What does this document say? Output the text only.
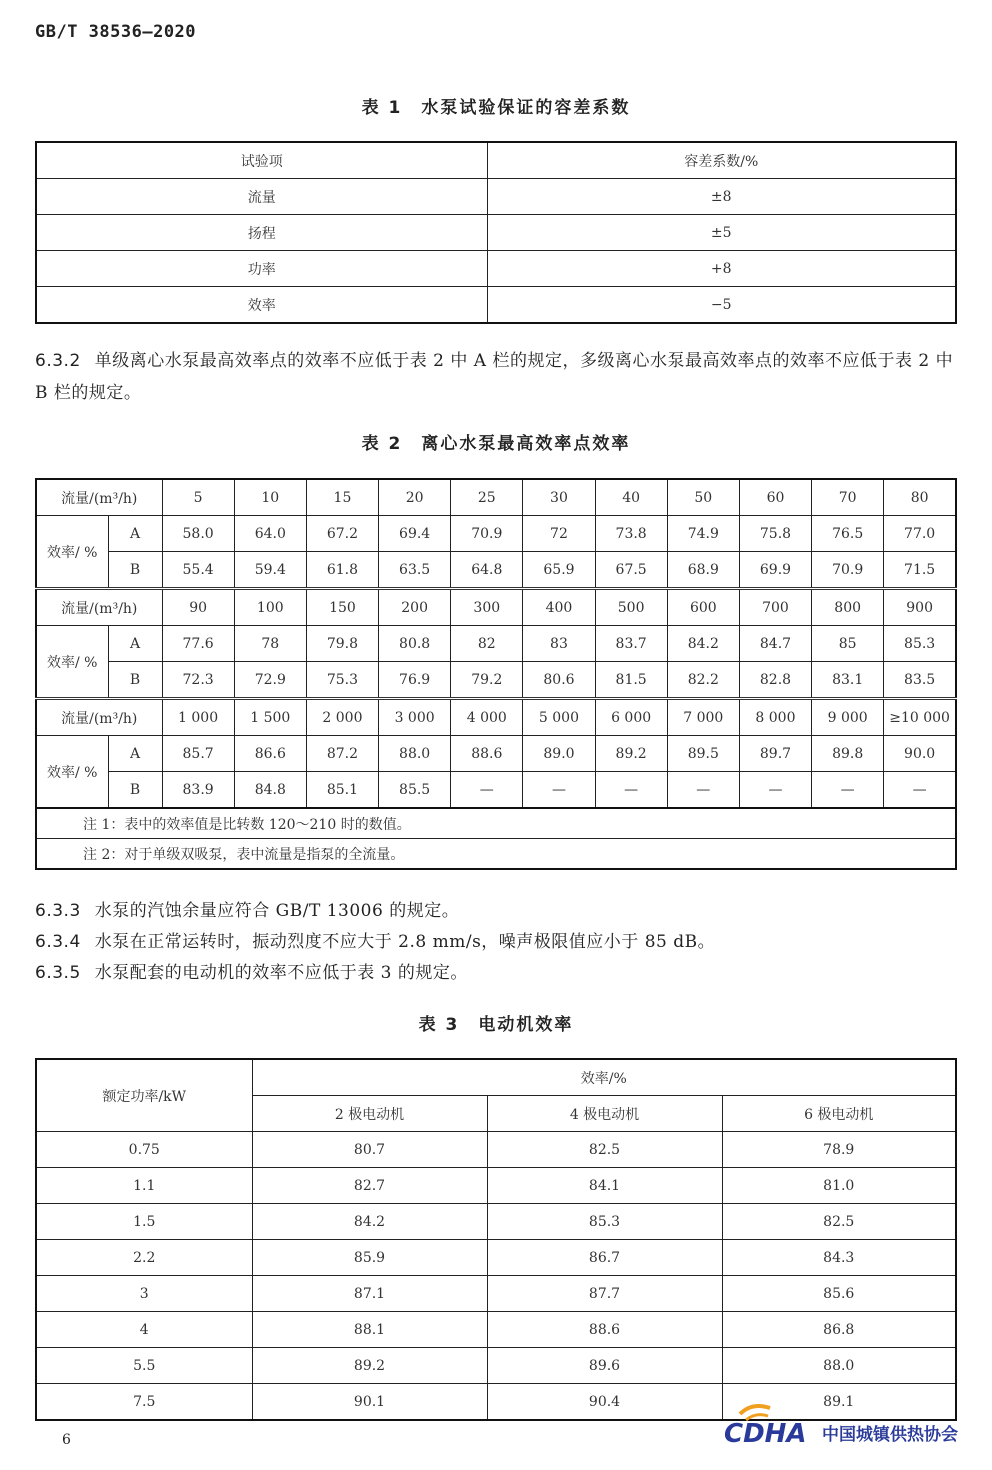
GB/T 38536—2020
表 1　水泵试验保证的容差系数
试验项	容差系数/%
流量	±8
扬程	±5
功率	+8
效率	−5
6.3.2 单级离心水泵最高效率点的效率不应低于表 2 中 A 栏的规定，多级离心水泵最高效率点的效率不应低于表 2 中 B 栏的规定。
表 2　离心水泵最高效率点效率
流量/(m³/h)		5	10	15	20	25	30	40	50	60	70	80
效率/ %	A	58.0	64.0	67.2	69.4	70.9	72	73.8	74.9	75.8	76.5	77.0
	B	55.4	59.4	61.8	63.5	64.8	65.9	67.5	68.9	69.9	70.9	71.5
流量/(m³/h)		90	100	150	200	300	400	500	600	700	800	900
效率/ %	A	77.6	78	79.8	80.8	82	83	83.7	84.2	84.7	85	85.3
	B	72.3	72.9	75.3	76.9	79.2	80.6	81.5	82.2	82.8	83.1	83.5
流量/(m³/h)		1 000	1 500	2 000	3 000	4 000	5 000	6 000	7 000	8 000	9 000	≥10 000
效率/ %	A	85.7	86.6	87.2	88.0	88.6	89.0	89.2	89.5	89.7	89.8	90.0
	B	83.9	84.8	85.1	85.5	—	—	—	—	—	—	—
注 1：表中的效率值是比转数 120～210 时的数值。												
注 2：对于单级双吸泵，表中流量是指泵的全流量。												
6.3.3 水泵的汽蚀余量应符合 GB/T 13006 的规定。
6.3.4 水泵在正常运转时，振动烈度不应大于 2.8 mm/s，噪声极限值应小于 85 dB。
6.3.5 水泵配套的电动机的效率不应低于表 3 的规定。
表 3　电动机效率
额定功率/kW	效率/%		
	2 极电动机	4 极电动机	6 极电动机
0.75	80.7	82.5	78.9
1.1	82.7	84.1	81.0
1.5	84.2	85.3	82.5
2.2	85.9	86.7	84.3
3	87.1	87.7	85.6
4	88.1	88.6	86.8
5.5	89.2	89.6	88.0
7.5	90.1	90.4	89.1
6	CDHA 中国城镇供热协会
